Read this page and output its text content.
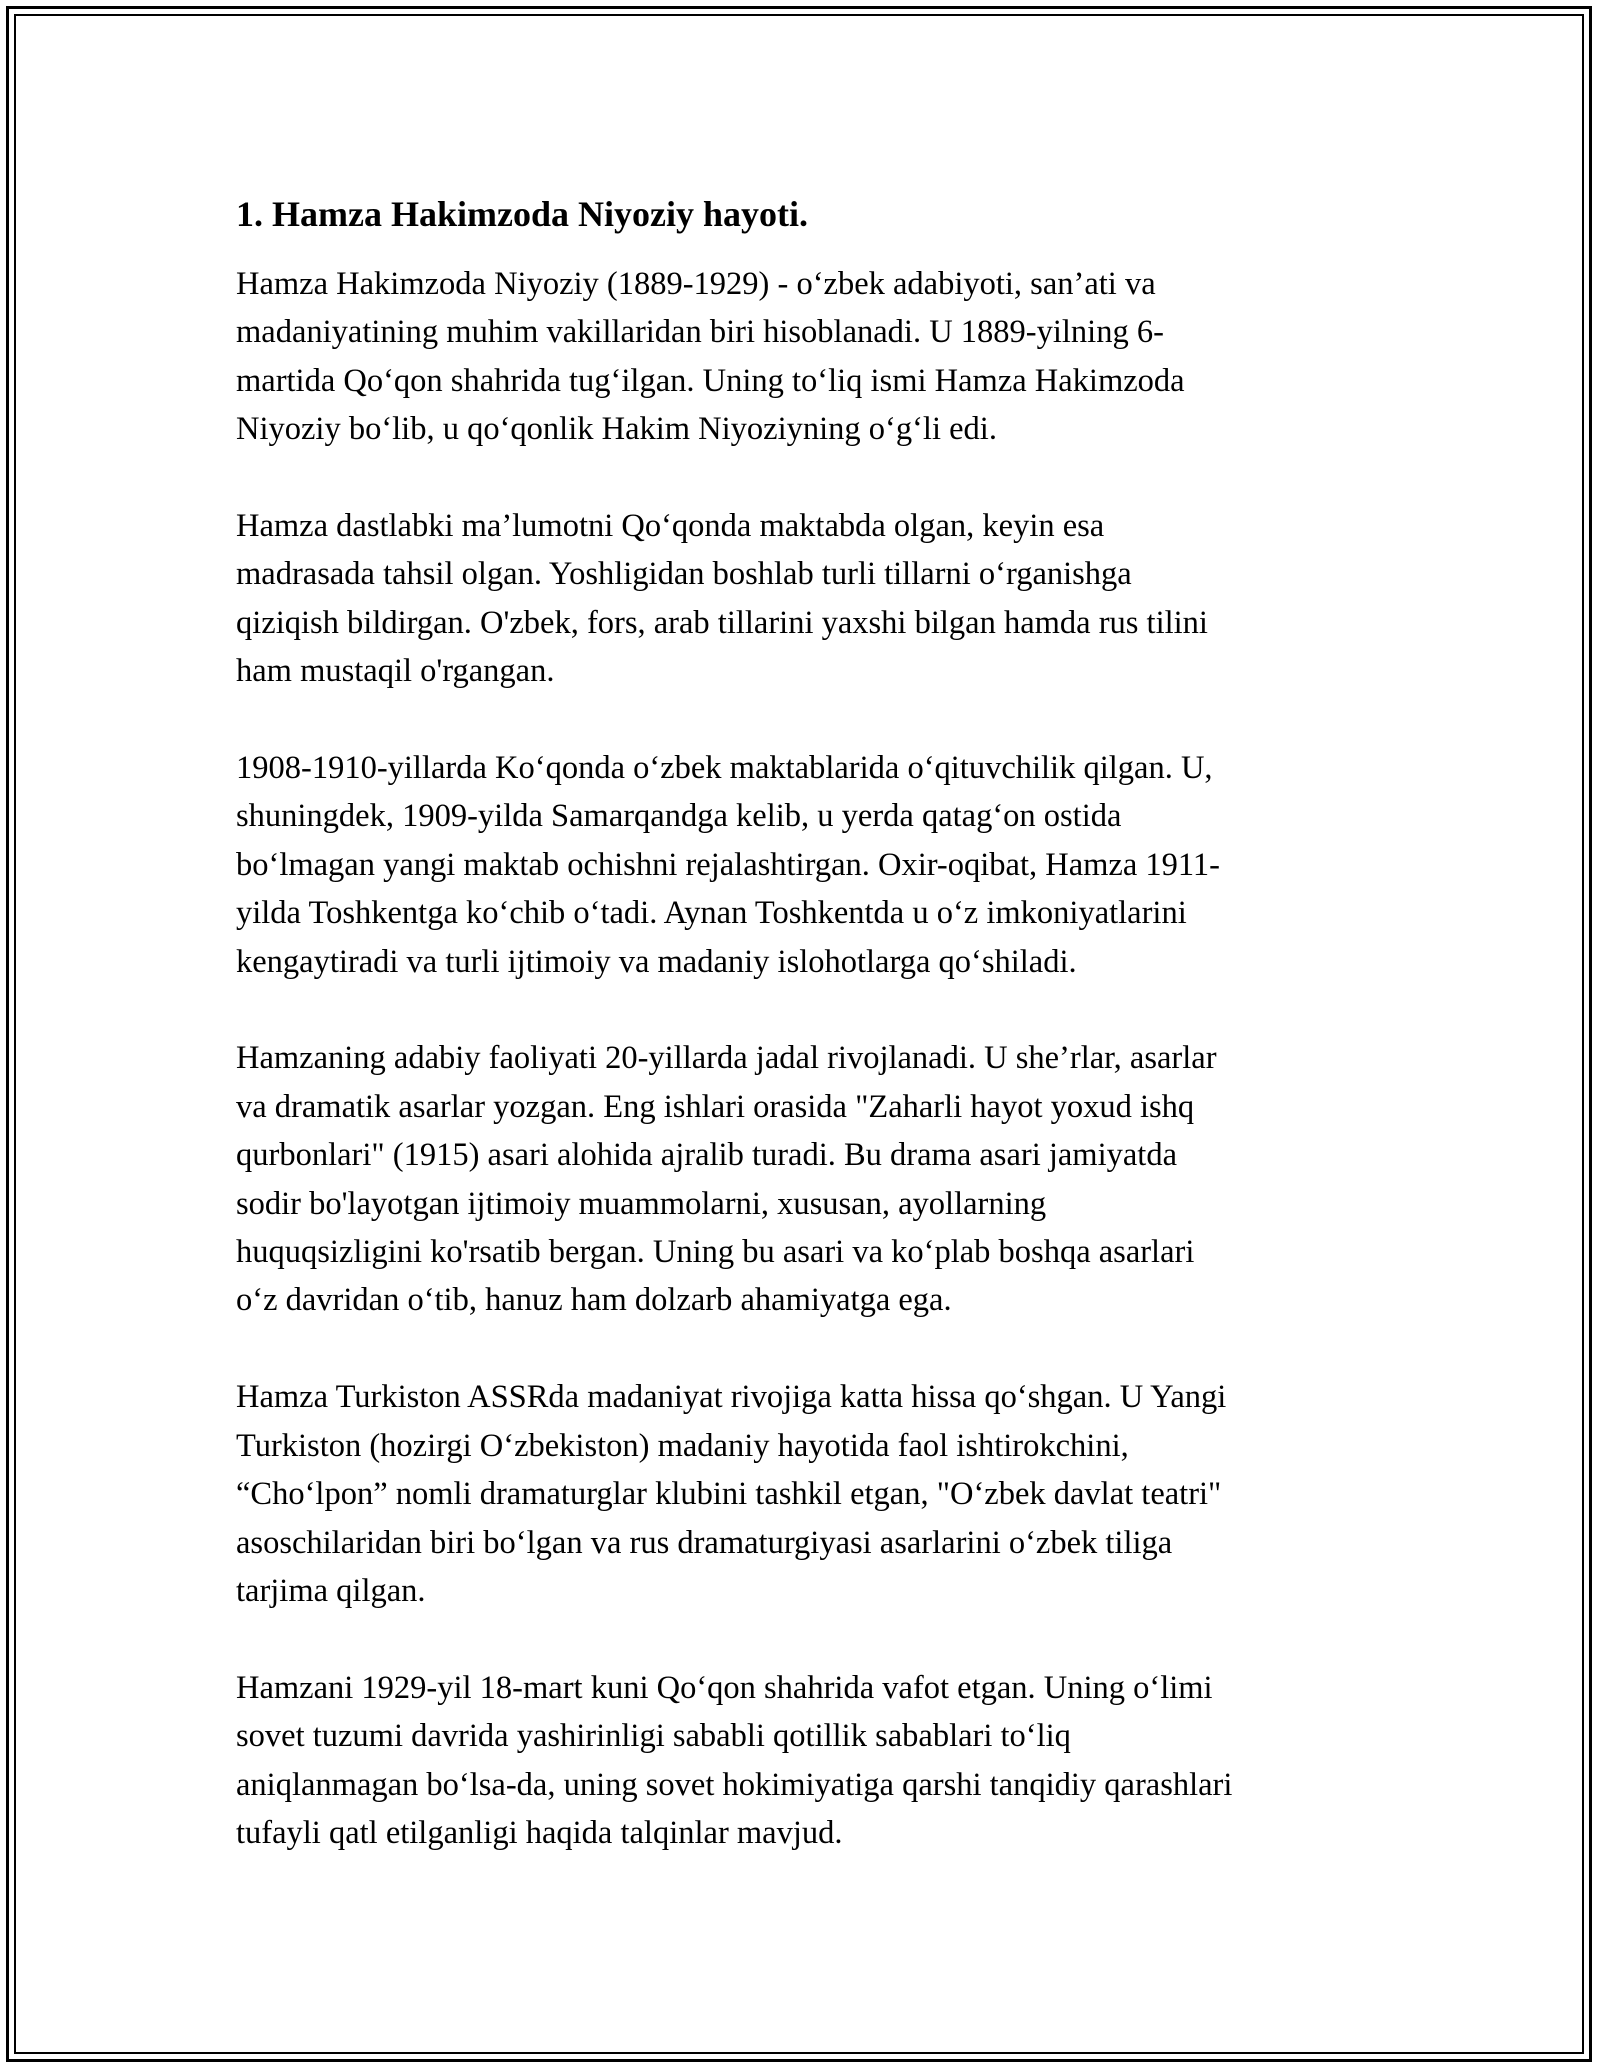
1. Hamza Hakimzoda Niyoziy hayoti.
Hamza Hakimzoda Niyoziy (1889-1929) - o‘zbek adabiyoti, san’ati va
madaniyatining muhim vakillaridan biri hisoblanadi. U 1889-yilning 6-
martida Qo‘qon shahrida tug‘ilgan. Uning to‘liq ismi Hamza Hakimzoda
Niyoziy bo‘lib, u qo‘qonlik Hakim Niyoziyning o‘g‘li edi.
Hamza dastlabki ma’lumotni Qo‘qonda maktabda olgan, keyin esa
madrasada tahsil olgan. Yoshligidan boshlab turli tillarni o‘rganishga
qiziqish bildirgan. O'zbek, fors, arab tillarini yaxshi bilgan hamda rus tilini
ham mustaqil o'rgangan.
1908-1910-yillarda Ko‘qonda o‘zbek maktablarida o‘qituvchilik qilgan. U,
shuningdek, 1909-yilda Samarqandga kelib, u yerda qatag‘on ostida
bo‘lmagan yangi maktab ochishni rejalashtirgan. Oxir-oqibat, Hamza 1911-
yilda Toshkentga ko‘chib o‘tadi. Aynan Toshkentda u o‘z imkoniyatlarini
kengaytiradi va turli ijtimoiy va madaniy islohotlarga qo‘shiladi.
Hamzaning adabiy faoliyati 20-yillarda jadal rivojlanadi. U she’rlar, asarlar
va dramatik asarlar yozgan. Eng ishlari orasida "Zaharli hayot yoxud ishq
qurbonlari" (1915) asari alohida ajralib turadi. Bu drama asari jamiyatda
sodir bo'layotgan ijtimoiy muammolarni, xususan, ayollarning
huquqsizligini ko'rsatib bergan. Uning bu asari va ko‘plab boshqa asarlari
o‘z davridan o‘tib, hanuz ham dolzarb ahamiyatga ega.
Hamza Turkiston ASSRda madaniyat rivojiga katta hissa qo‘shgan. U Yangi
Turkiston (hozirgi O‘zbekiston) madaniy hayotida faol ishtirokchini,
“Cho‘lpon” nomli dramaturglar klubini tashkil etgan, "O‘zbek davlat teatri"
asoschilaridan biri bo‘lgan va rus dramaturgiyasi asarlarini o‘zbek tiliga
tarjima qilgan.
Hamzani 1929-yil 18-mart kuni Qo‘qon shahrida vafot etgan. Uning o‘limi
sovet tuzumi davrida yashirinligi sababli qotillik sabablari to‘liq
aniqlanmagan bo‘lsa-da, uning sovet hokimiyatiga qarshi tanqidiy qarashlari
tufayli qatl etilganligi haqida talqinlar mavjud.
